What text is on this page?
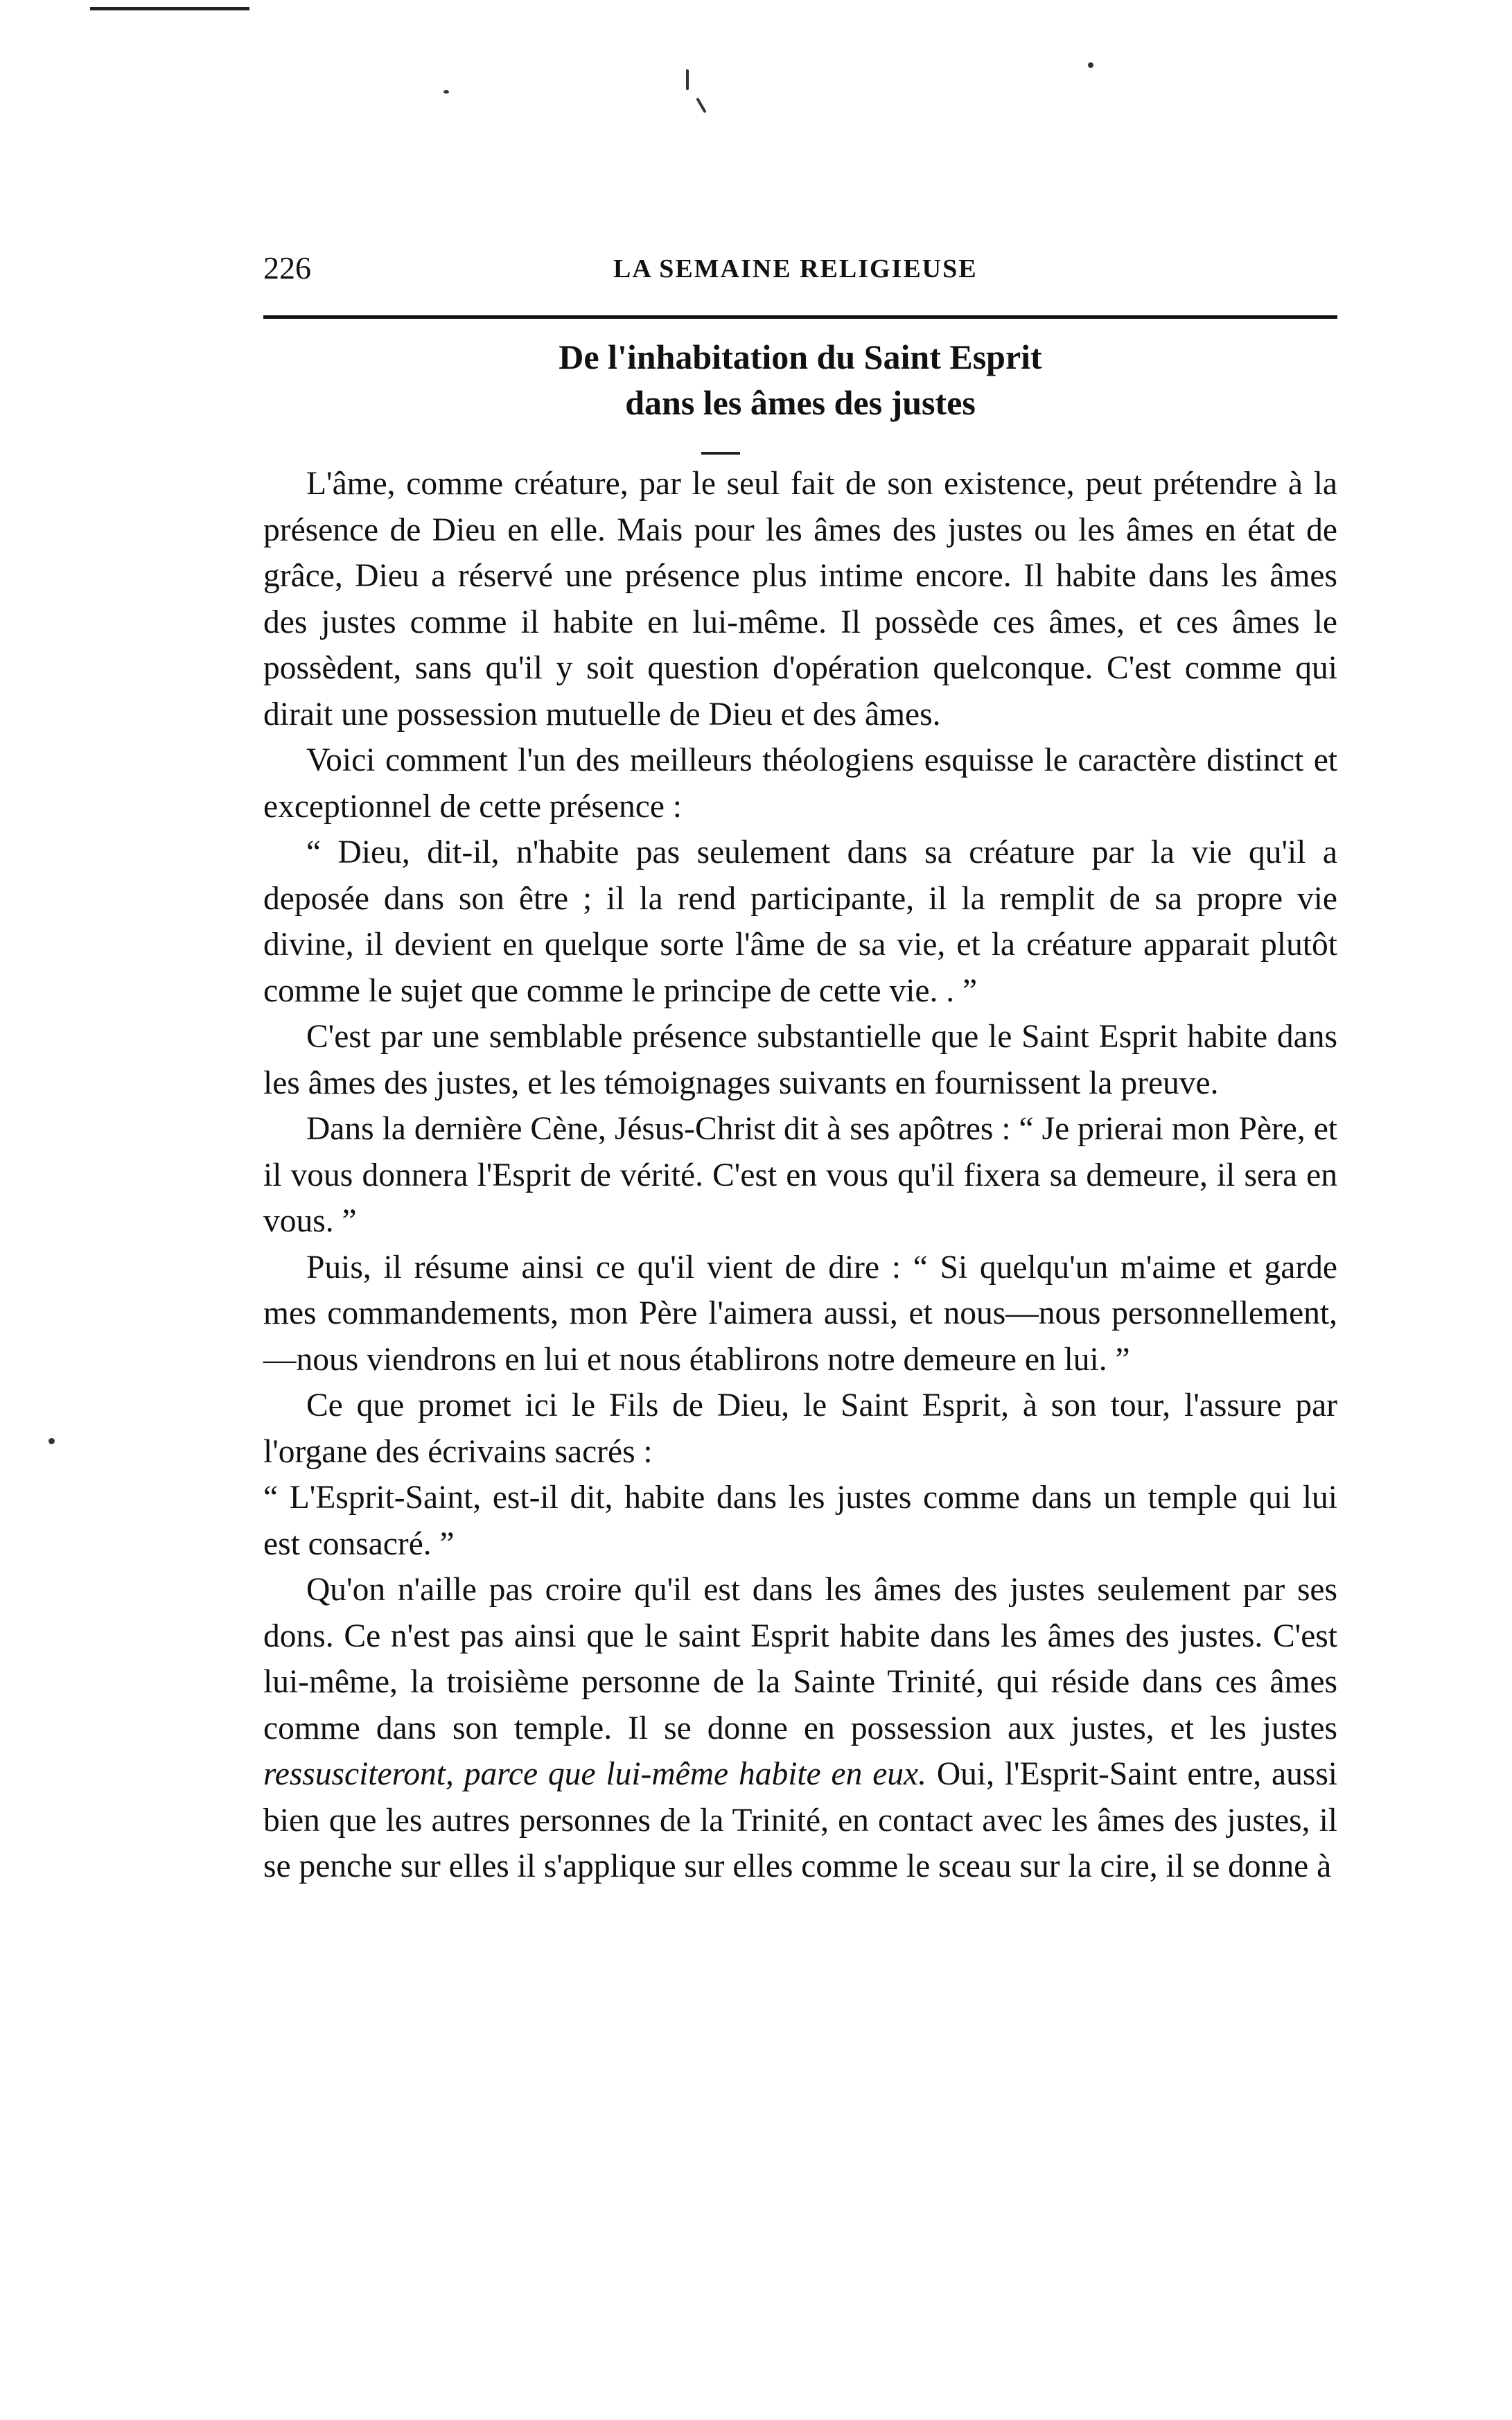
226	LA SEMAINE RELIGIEUSE
De l'inhabitation du Saint Esprit
dans les âmes des justes

L'âme, comme créature, par le seul fait de son existence, peut prétendre à la présence de Dieu en elle. Mais pour les âmes des justes ou les âmes en état de grâce, Dieu a réservé une présence plus intime encore. Il habite dans les âmes des justes comme il habite en lui-même. Il possède ces âmes, et ces âmes le possèdent, sans qu'il y soit question d'opération quelconque. C'est comme qui dirait une possession mutuelle de Dieu et des âmes.

Voici comment l'un des meilleurs théologiens esquisse le caractère distinct et exceptionnel de cette présence :

“ Dieu, dit-il, n'habite pas seulement dans sa créature par la vie qu'il a deposée dans son être ; il la rend participante, il la remplit de sa propre vie divine, il devient en quelque sorte l'âme de sa vie, et la créature apparait plutôt comme le sujet que comme le principe de cette vie. . ”

C'est par une semblable présence substantielle que le Saint Esprit habite dans les âmes des justes, et les témoignages suivants en fournissent la preuve.

Dans la dernière Cène, Jésus-Christ dit à ses apôtres : “ Je prierai mon Père, et il vous donnera l'Esprit de vérité. C'est en vous qu'il fixera sa demeure, il sera en vous. ”

Puis, il résume ainsi ce qu'il vient de dire : “ Si quelqu'un m'aime et garde mes commandements, mon Père l'aimera aussi, et nous—nous personnellement,—nous viendrons en lui et nous établirons notre demeure en lui. ”

Ce que promet ici le Fils de Dieu, le Saint Esprit, à son tour, l'assure par l'organe des écrivains sacrés :

“ L'Esprit-Saint, est-il dit, habite dans les justes comme dans un temple qui lui est consacré. ”

Qu'on n'aille pas croire qu'il est dans les âmes des justes seulement par ses dons. Ce n'est pas ainsi que le saint Esprit habite dans les âmes des justes. C'est lui-même, la troisième personne de la Sainte Trinité, qui réside dans ces âmes comme dans son temple. Il se donne en possession aux justes, et les justes ressusciteront, parce que lui-même habite en eux. Oui, l'Esprit-Saint entre, aussi bien que les autres personnes de la Trinité, en contact avec les âmes des justes, il se penche sur elles il s'applique sur elles comme le sceau sur la cire, il se donne à
